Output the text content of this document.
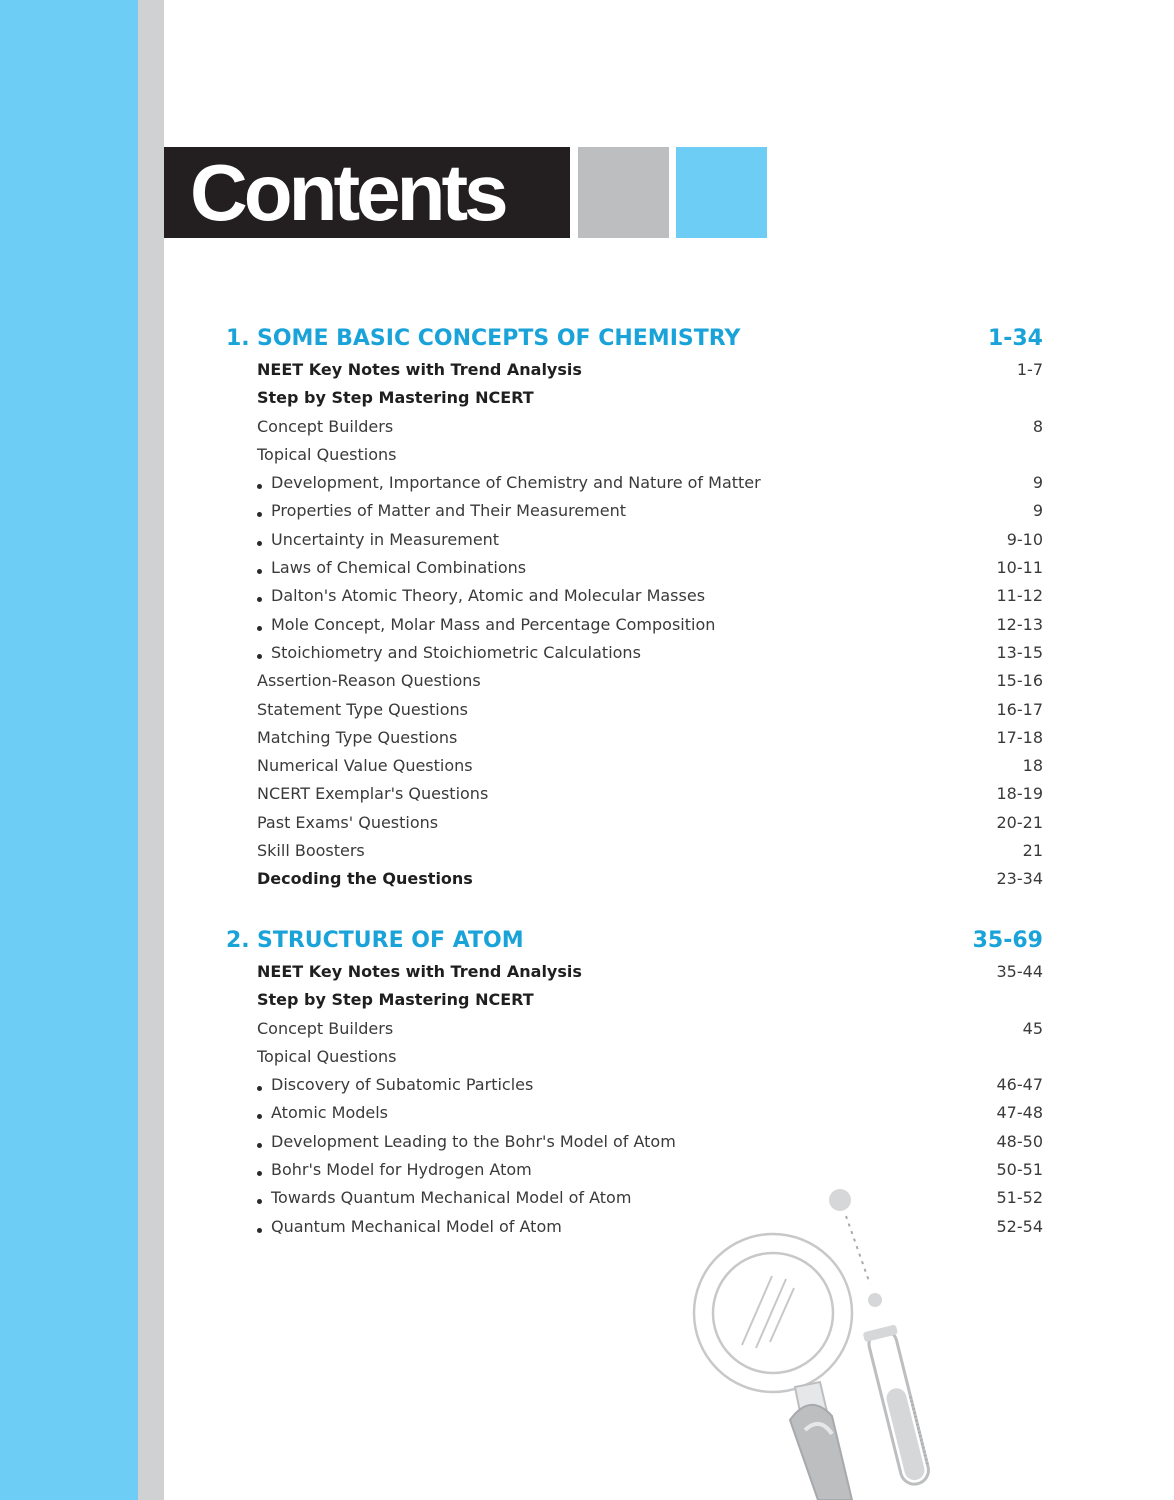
Contents
1. SOME BASIC CONCEPTS OF CHEMISTRY	1-34
NEET Key Notes with Trend Analysis	1-7
Step by Step Mastering NCERT
Concept Builders	8
Topical Questions
Development, Importance of Chemistry and Nature of Matter	9
Properties of Matter and Their Measurement	9
Uncertainty in Measurement	9-10
Laws of Chemical Combinations	10-11
Dalton's Atomic Theory, Atomic and Molecular Masses	11-12
Mole Concept, Molar Mass and Percentage Composition	12-13
Stoichiometry and Stoichiometric Calculations	13-15
Assertion-Reason Questions	15-16
Statement Type Questions	16-17
Matching Type Questions	17-18
Numerical Value Questions	18
NCERT Exemplar's Questions	18-19
Past Exams' Questions	20-21
Skill Boosters	21
Decoding the Questions	23-34
2. STRUCTURE OF ATOM	35-69
NEET Key Notes with Trend Analysis	35-44
Step by Step Mastering NCERT
Concept Builders	45
Topical Questions
Discovery of Subatomic Particles	46-47
Atomic Models	47-48
Development Leading to the Bohr's Model of Atom	48-50
Bohr's Model for Hydrogen Atom	50-51
Towards Quantum Mechanical Model of Atom	51-52
Quantum Mechanical Model of Atom	52-54
